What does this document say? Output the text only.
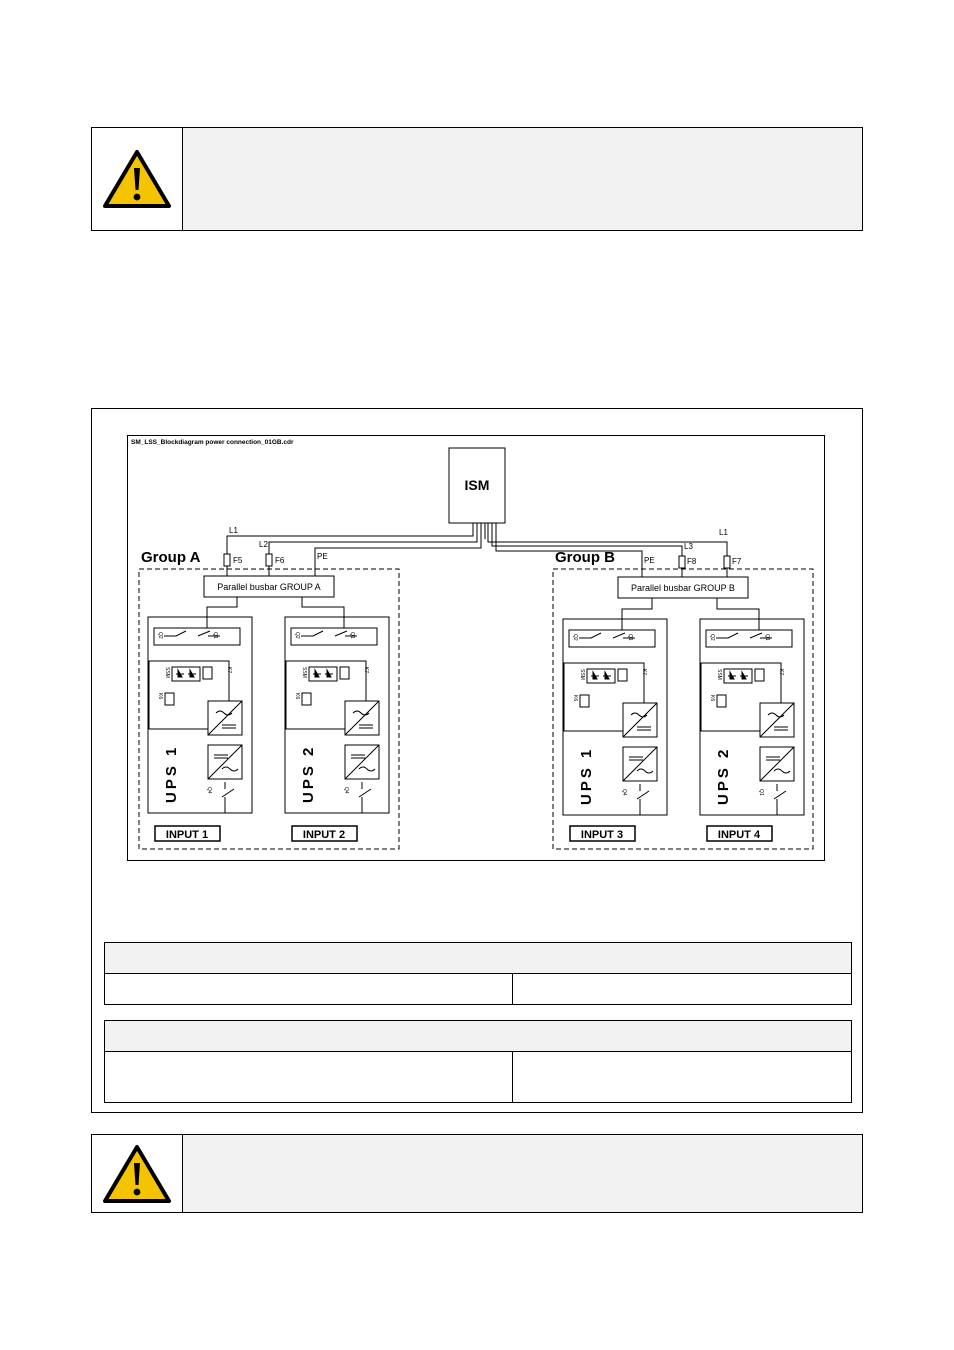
SM_LSS_Blockdiagram power connection_01GB.cdr
ISM
L1
L2
PE
F5	F6	PE
L3
L1
F8	F7
Group A	Group B
Parallel busbar GROUP A	Parallel busbar GROUP B
Q2	Q1
SSM	K7
K6
UPS 1	Q4
Q2	Q1
SSM	K7
K6
UPS 2	Q4
Q2	Q1
SSM	K7
K6
UPS 1	Q4
Q2	Q1
SSM	K7
K6
UPS 2	Q1
INPUT 1	INPUT 2	INPUT 3	INPUT 4
